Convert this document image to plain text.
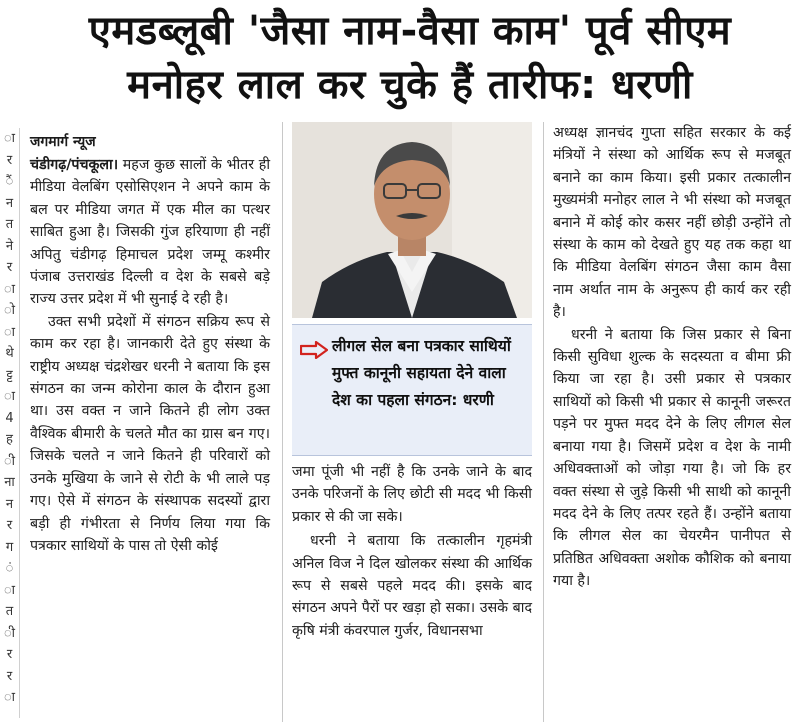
एमडब्लूबी 'जैसा नाम-वैसा काम' पूर्व सीएम
मनोहर लाल कर चुके हैं तारीफ: धरणी
ा
र
ैं
न
त
ने
र
ा
ो
ा
थे
ट्ट
ा
4
ह
ी
ना
न
र
ग
ं
ा
त
ी
र
र
ा

जगमार्ग न्यूज

चंडीगढ़/पंचकूला। महज कुछ सालों के भीतर ही मीडिया वेलबिंग एसोसिएशन ने अपने काम के बल पर मीडिया जगत में एक मील का पत्थर साबित हुआ है। जिसकी गुंज हरियाणा ही नहीं अपितु चंडीगढ़ हिमाचल प्रदेश जम्मू कश्मीर पंजाब उत्तराखंड दिल्ली व देश के सबसे बड़े राज्य उत्तर प्रदेश में भी सुनाई दे रही है।

उक्त सभी प्रदेशों में संगठन सक्रिय रूप से काम कर रहा है। जानकारी देते हुए संस्था के राष्ट्रीय अध्यक्ष चंद्रशेखर धरनी ने बताया कि इस संगठन का जन्म कोरोना काल के दौरान हुआ था। उस वक्त न जाने कितने ही लोग उक्त वैश्विक बीमारी के चलते मौत का ग्रास बन गए। जिसके चलते न जाने कितने ही परिवारों को उनके मुखिया के जाने से रोटी के भी लाले पड़ गए। ऐसे में संगठन के संस्थापक सदस्यों द्वारा बड़ी ही गंभीरता से निर्णय लिया गया कि पत्रकार साथियों के पास तो ऐसी कोई

लीगल सेल बना पत्रकार साथियों मुफ्त कानूनी सहायता देने वाला देश का पहला संगठन: धरणी

जमा पूंजी भी नहीं है कि उनके जाने के बाद उनके परिजनों के लिए छोटी सी मदद भी किसी प्रकार से की जा सके।

धरनी ने बताया कि तत्कालीन गृहमंत्री अनिल विज ने दिल खोलकर संस्था की आर्थिक रूप से सबसे पहले मदद की। इसके बाद संगठन अपने पैरों पर खड़ा हो सका। उसके बाद कृषि मंत्री कंवरपाल गुर्जर, विधानसभा

अध्यक्ष ज्ञानचंद गुप्ता सहित सरकार के कई मंत्रियों ने संस्था को आर्थिक रूप से मजबूत बनाने का काम किया। इसी प्रकार तत्कालीन मुख्यमंत्री मनोहर लाल ने भी संस्था को मजबूत बनाने में कोई कोर कसर नहीं छोड़ी उन्होंने तो संस्था के काम को देखते हुए यह तक कहा था कि मीडिया वेलबिंग संगठन जैसा काम वैसा नाम अर्थात नाम के अनुरूप ही कार्य कर रही है।

धरनी ने बताया कि जिस प्रकार से बिना किसी सुविधा शुल्क के सदस्यता व बीमा फ्री किया जा रहा है। उसी प्रकार से पत्रकार साथियों को किसी भी प्रकार से कानूनी जरूरत पड़ने पर मुफ्त मदद देने के लिए लीगल सेल बनाया गया है। जिसमें प्रदेश व देश के नामी अधिवक्ताओं को जोड़ा गया है। जो कि हर वक्त संस्था से जुड़े किसी भी साथी को कानूनी मदद देने के लिए तत्पर रहते हैं। उन्होंने बताया कि लीगल सेल का चेयरमैन पानीपत से प्रतिष्ठित अधिवक्ता अशोक कौशिक को बनाया गया है।
